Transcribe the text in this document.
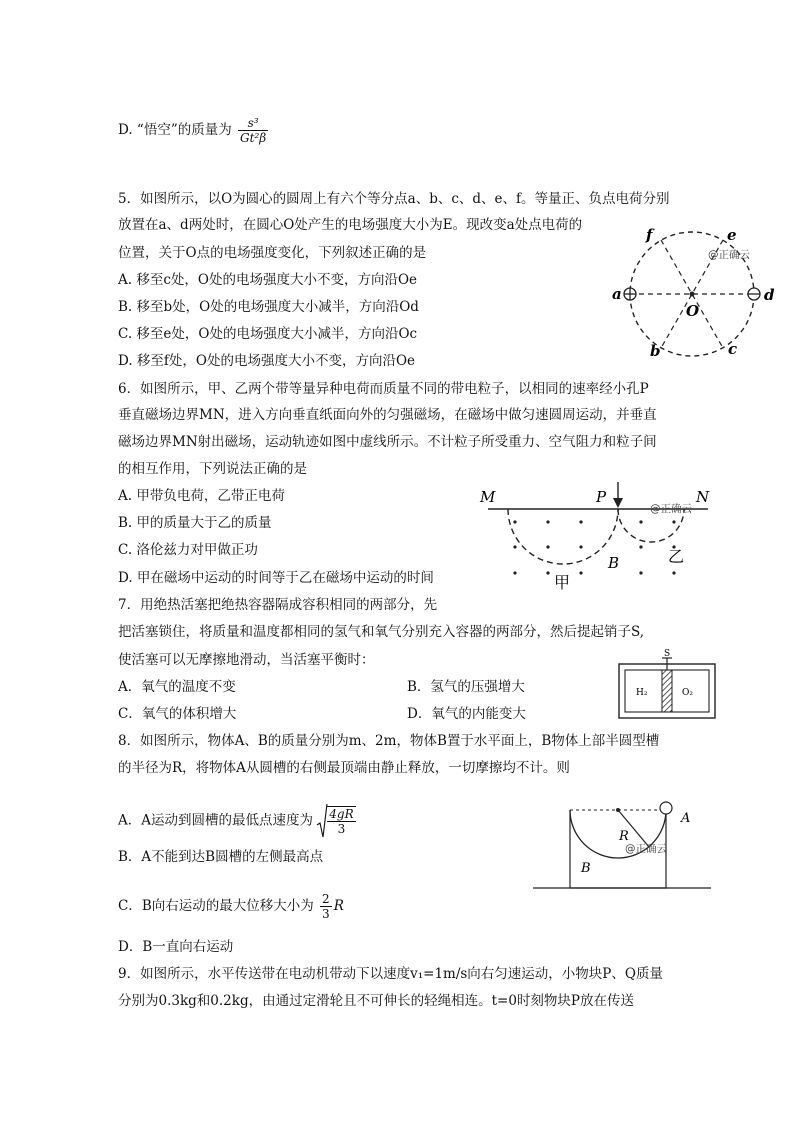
D. “悟空”的质量为 $\frac{\text{s³}}{\text{Gt²β}}$
5．如图所示，以O为圆心的圆周上有六个等分点a、b、c、d、e、f。等量正、负点电荷分别
放置在a、d两处时，在圆心O处产生的电场强度大小为E。现改变a处点电荷的
位置，关于O点的电场强度变化，下列叙述正确的是
A. 移至c处，O处的电场强度大小不变，方向沿Oe
B. 移至b处，O处的电场强度大小减半，方向沿Od
C. 移至e处，O处的电场强度大小减半，方向沿Oc
D. 移至f处，O处的电场强度大小不变，方向沿Oe
a	d
f	e
b	c
O
@正确云
6．如图所示，甲、乙两个带等量异种电荷而质量不同的带电粒子，以相同的速率经小孔P
垂直磁场边界MN，进入方向垂直纸面向外的匀强磁场，在磁场中做匀速圆周运动，并垂直
磁场边界MN射出磁场，运动轨迹如图中虚线所示。不计粒子所受重力、空气阻力和粒子间
的相互作用，下列说法正确的是
A. 甲带负电荷，乙带正电荷
B. 甲的质量大于乙的质量
C. 洛伦兹力对甲做正功
D. 甲在磁场中运动的时间等于乙在磁场中运动的时间
M	N
P
B
甲
乙
@正确云
7．用绝热活塞把绝热容器隔成容积相同的两部分，先
把活塞锁住，将质量和温度都相同的氢气和氧气分别充入容器的两部分，然后提起销子S,
使活塞可以无摩擦地滑动，当活塞平衡时：
A．氧气的温度不变	B．氢气的压强增大
C．氧气的体积增大	D．氧气的内能变大
S
H₂	O₂
8．如图所示，物体A、B的质量分别为m、2m，物体B置于水平面上，B物体上部半圆型槽
的半径为R，将物体A从圆槽的右侧最顶端由静止释放，一切摩擦均不计。则
A．A运动到圆槽的最低点速度为 $\frac{4gR}{3}$
B．A不能到达B圆槽的左侧最高点
C．B向右运动的最大位移大小为 $\frac{2}{3}$ R
D．B一直向右运动
A
R
B
@正确云
9．如图所示，水平传送带在电动机带动下以速度v₁=1m/s向右匀速运动，小物块P、Q质量
分别为0.3kg和0.2kg，由通过定滑轮且不可伸长的轻绳相连。t=0时刻物块P放在传送
